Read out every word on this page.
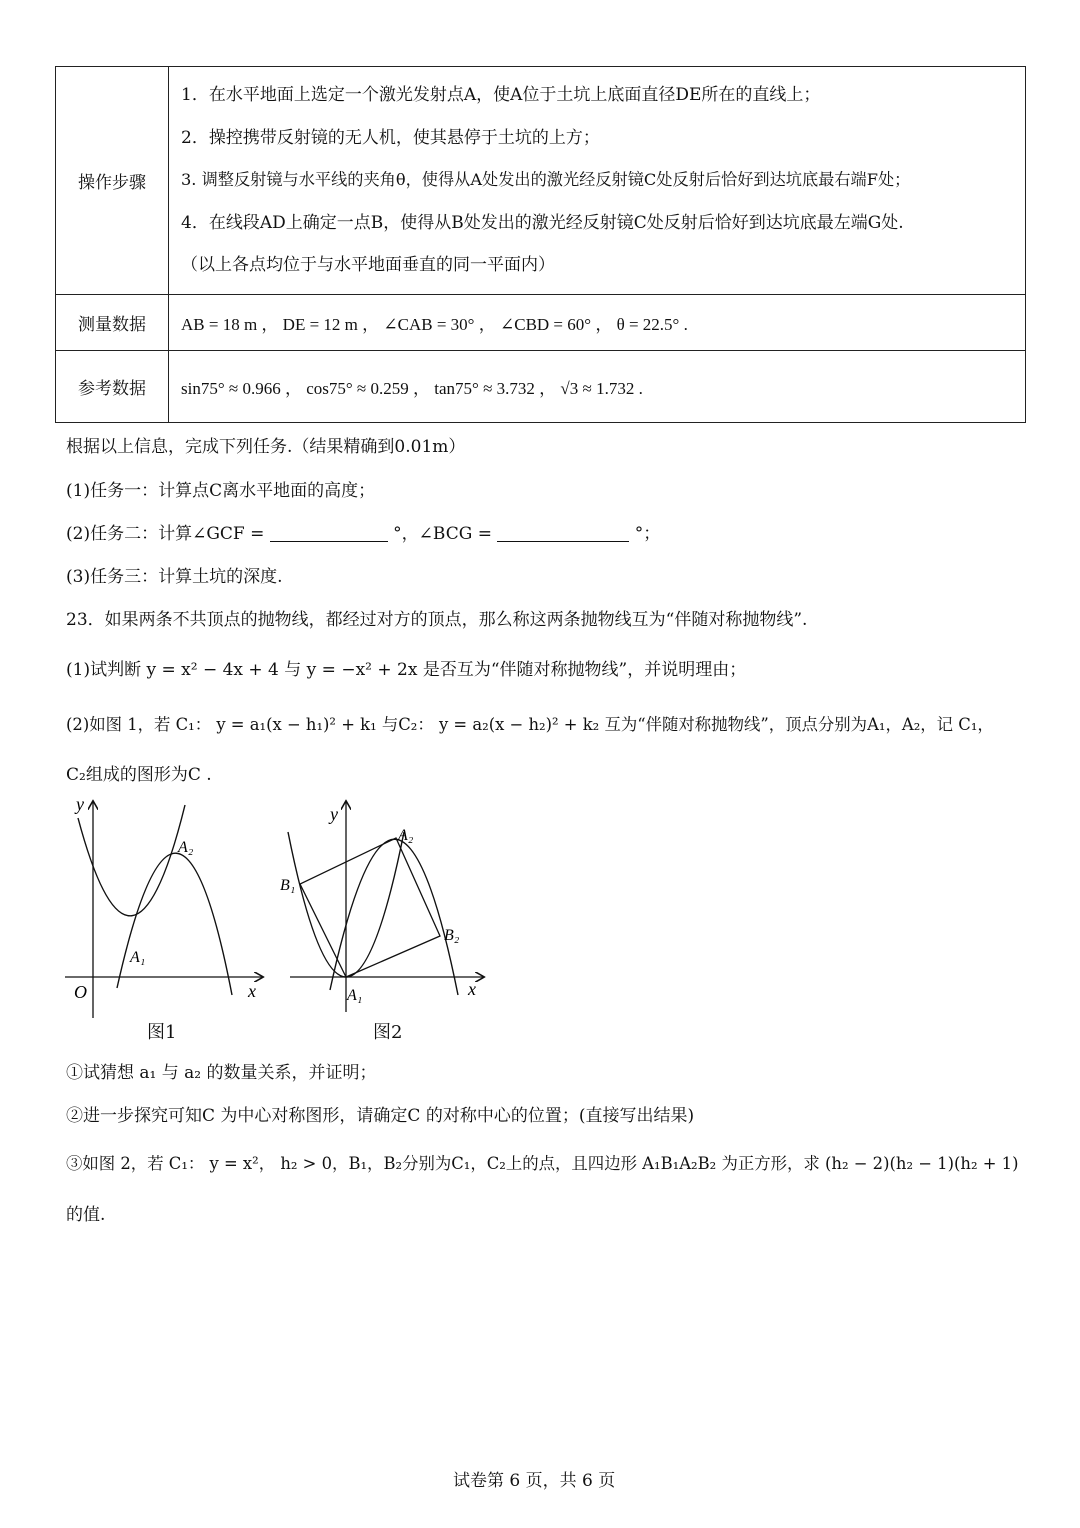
操作步骤	1．在水平地面上选定一个激光发射点A，使A位于土坑上底面直径DE所在的直线上；
2．操控携带反射镜的无人机，使其悬停于土坑的上方；
3. 调整反射镜与水平线的夹角θ，使得从A处发出的激光经反射镜C处反射后恰好到达坑底最右端F处；
4．在线段AD上确定一点B，使得从B处发出的激光经反射镜C处反射后恰好到达坑底最左端G处.
（以上各点均位于与水平地面垂直的同一平面内）

测量数据	AB = 18 m ， DE = 12 m ， ∠CAB = 30° ， ∠CBD = 60° ， θ = 22.5° .
参考数据	sin75° ≈ 0.966 ， cos75° ≈ 0.259 ， tan75° ≈ 3.732 ， √3 ≈ 1.732 .
根据以上信息，完成下列任务.（结果精确到0.01m）
(1)任务一：计算点C离水平地面的高度；
(2)任务二：计算∠GCF =	°，∠BCG =	°；
(3)任务三：计算土坑的深度.
23．如果两条不共顶点的抛物线，都经过对方的顶点，那么称这两条抛物线互为“伴随对称抛物线”.
(1)试判断 y = x² − 4x + 4 与 y = −x² + 2x 是否互为“伴随对称抛物线”，并说明理由；
(2)如图 1，若 C₁： y = a₁(x − h₁)² + k₁ 与C₂： y = a₂(x − h₂)² + k₂ 互为“伴随对称抛物线”，顶点分别为A₁，A₂，记 C₁，
C₂组成的图形为C .
y
x
O
A₁
A₂
图1
y
x
A₁
A₂
B₁
B₂
图2
①试猜想 a₁ 与 a₂ 的数量关系，并证明；
②进一步探究可知C 为中心对称图形，请确定C 的对称中心的位置；(直接写出结果)
③如图 2，若 C₁： y = x²， h₂ > 0，B₁，B₂分别为C₁，C₂上的点，且四边形 A₁B₁A₂B₂ 为正方形，求 (h₂ − 2)(h₂ − 1)(h₂ + 1)
的值.
试卷第 6 页，共 6 页
